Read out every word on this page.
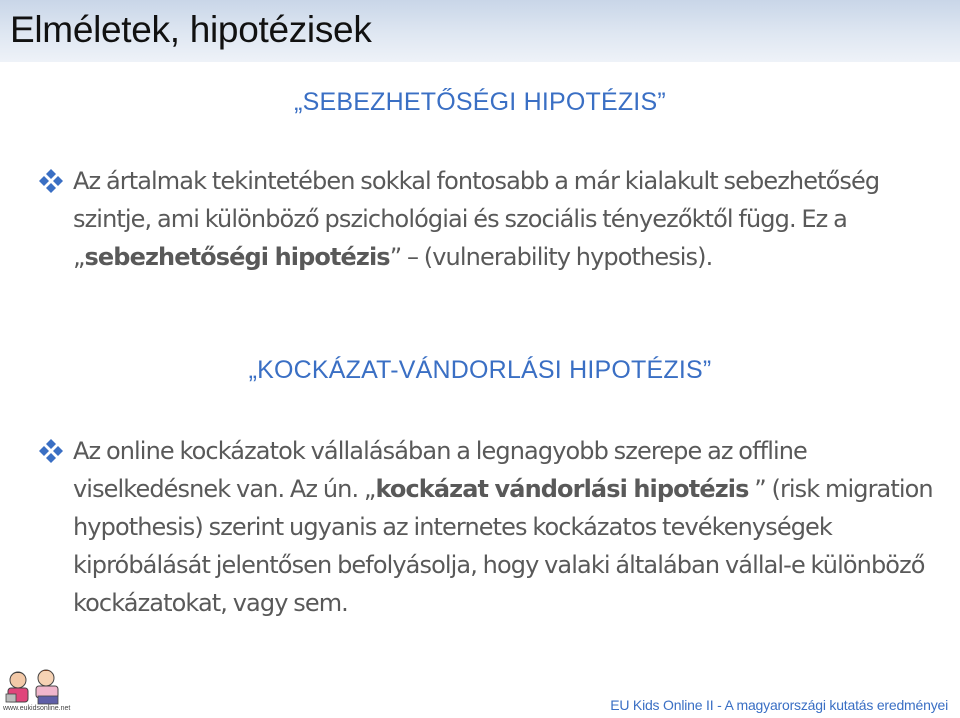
Elméletek, hipotézisek
„SEBEZHETŐSÉGI HIPOTÉZIS”
Az ártalmak tekintetében sokkal fontosabb a már kialakult sebezhetőség szintje, ami különböző pszichológiai és szociális tényezőktől függ. Ez a „sebezhetőségi hipotézis” – (vulnerability hypothesis).
„KOCKÁZAT-VÁNDORLÁSI HIPOTÉZIS”
Az online kockázatok vállalásában a legnagyobb szerepe az offline viselkedésnek van. Az ún. „kockázat vándorlási hipotézis ” (risk migration hypothesis) szerint ugyanis az internetes kockázatos tevékenységek kipróbálását jelentősen befolyásolja, hogy valaki általában vállal-e különböző kockázatokat, vagy sem.
www.eukidsonline.net	EU Kids Online II - A magyarországi kutatás eredményei
